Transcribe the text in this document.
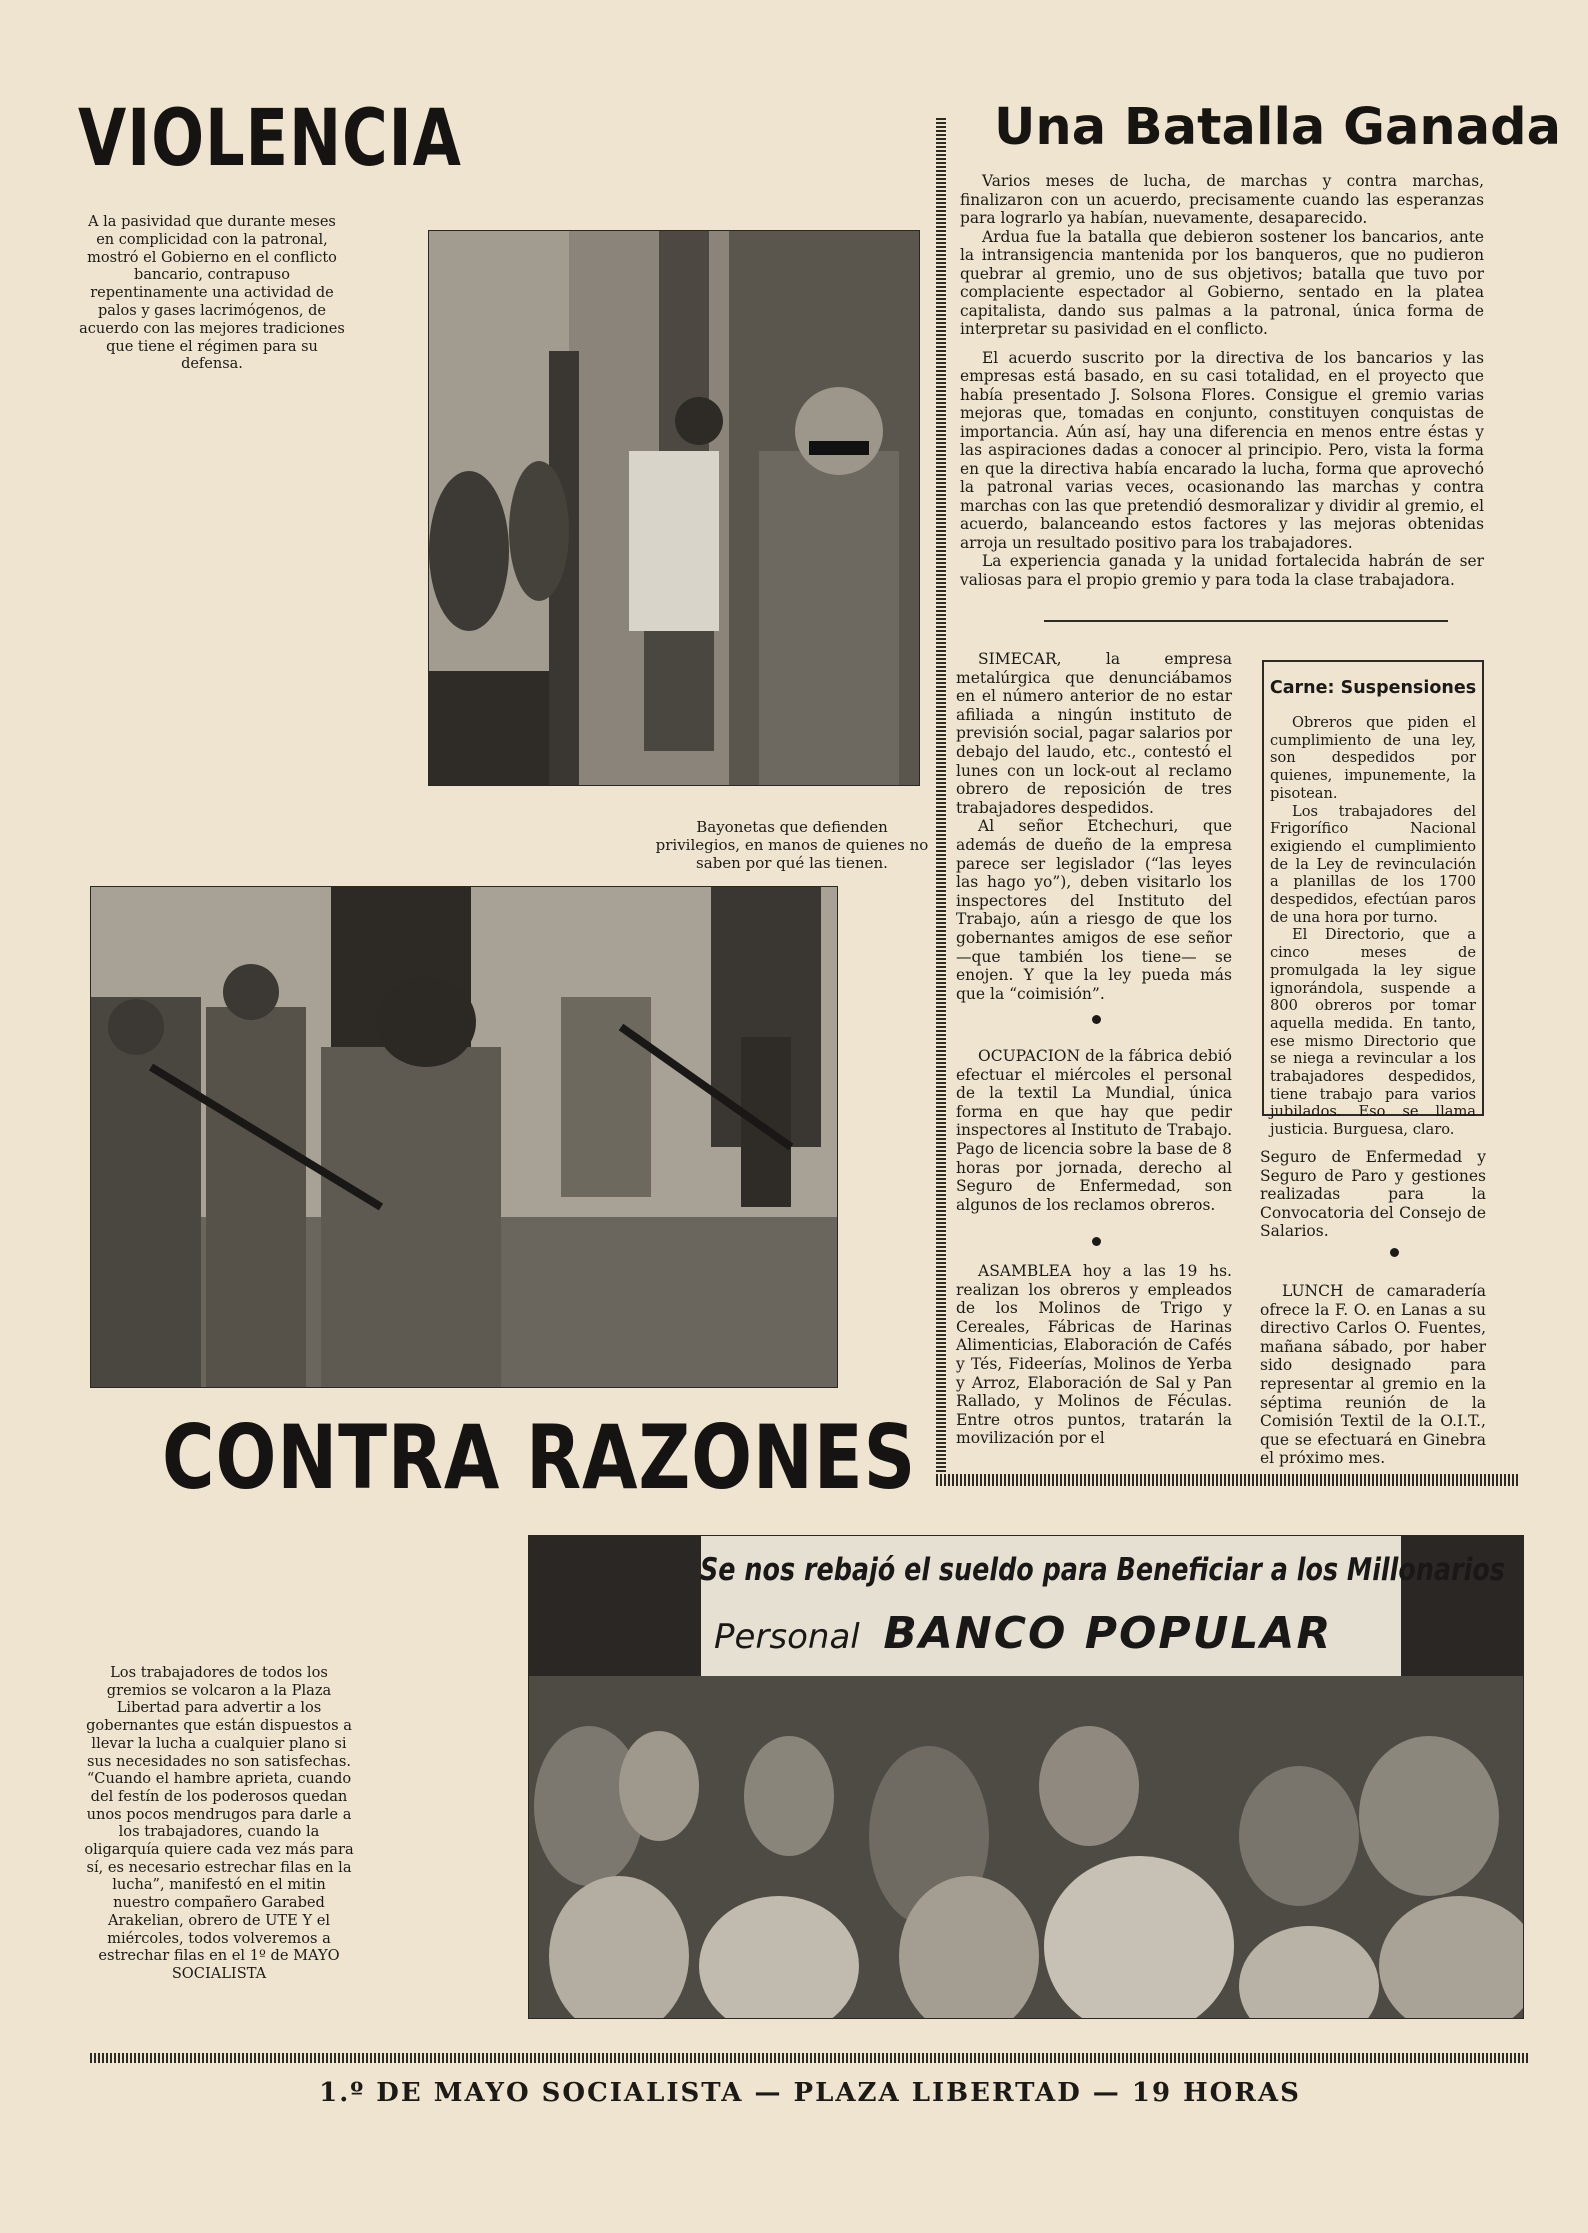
VIOLENCIA
A la pasividad que durante meses en complicidad con la patronal, mostró el Gobierno en el conflicto bancario, contrapuso repentinamente una actividad de palos y gases lacrimógenos, de acuerdo con las mejores tradiciones que tiene el régimen para su defensa.
Bayonetas que defienden privilegios, en manos de quienes no saben por qué las tienen.
CONTRA RAZONES
Una Batalla Ganada

Varios meses de lucha, de marchas y contra marchas, finalizaron con un acuerdo, precisamente cuando las esperanzas para lograrlo ya habían, nuevamente, desaparecido.

Ardua fue la batalla que debieron sostener los bancarios, ante la intransigencia mantenida por los banqueros, que no pudieron quebrar al gremio, uno de sus objetivos; batalla que tuvo por complaciente espectador al Gobierno, sentado en la platea capitalista, dando sus palmas a la patronal, única forma de interpretar su pasividad en el conflicto.

El acuerdo suscrito por la directiva de los bancarios y las empresas está basado, en su casi totalidad, en el proyecto que había presentado J. Solsona Flores. Consigue el gremio varias mejoras que, tomadas en conjunto, constituyen conquistas de importancia. Aún así, hay una diferencia en menos entre éstas y las aspiraciones dadas a conocer al principio. Pero, vista la forma en que la directiva había encarado la lucha, forma que aprovechó la patronal varias veces, ocasionando las marchas y contra marchas con las que pretendió desmoralizar y dividir al gremio, el acuerdo, balanceando estos factores y las mejoras obtenidas arroja un resultado positivo para los trabajadores.

La experiencia ganada y la unidad fortalecida habrán de ser valiosas para el propio gremio y para toda la clase trabajadora.

SIMECAR, la empresa metalúrgica que denunciábamos en el número anterior de no estar afiliada a ningún instituto de previsión social, pagar salarios por debajo del laudo, etc., contestó el lunes con un lock-out al reclamo obrero de reposición de tres trabajadores despedidos.

Al señor Etchechuri, que además de dueño de la empresa parece ser legislador (“las leyes las hago yo”), deben visitarlo los inspectores del Instituto del Trabajo, aún a riesgo de que los gobernantes amigos de ese señor —que también los tiene— se enojen. Y que la ley pueda más que la “coimisión”.

OCUPACION de la fábrica debió efectuar el miércoles el personal de la textil La Mundial, única forma en que hay que pedir inspectores al Instituto de Trabajo. Pago de licencia sobre la base de 8 horas por jornada, derecho al Seguro de Enfermedad, son algunos de los reclamos obreros.

ASAMBLEA hoy a las 19 hs. realizan los obreros y empleados de los Molinos de Trigo y Cereales, Fábricas de Harinas Alimenticias, Elaboración de Cafés y Tés, Fideerías, Molinos de Yerba y Arroz, Elaboración de Sal y Pan Rallado, y Molinos de Féculas. Entre otros puntos, tratarán la movilización por el

Carne: Suspensiones

Obreros que piden el cumplimiento de una ley, son despedidos por quienes, impunemente, la pisotean.

Los trabajadores del Frigorífico Nacional exigiendo el cumplimiento de la Ley de revinculación a planillas de los 1700 despedidos, efectúan paros de una hora por turno.

El Directorio, que a cinco meses de promulgada la ley sigue ignorándola, suspende a 800 obreros por tomar aquella medida. En tanto, ese mismo Directorio que se niega a revincular a los trabajadores despedidos, tiene trabajo para varios jubilados. Eso se llama justicia. Burguesa, claro.

Seguro de Enfermedad y Seguro de Paro y gestiones realizadas para la Convocatoria del Consejo de Salarios.

LUNCH de camaradería ofrece la F. O. en Lanas a su directivo Carlos O. Fuentes, mañana sábado, por haber sido designado para representar al gremio en la séptima reunión de la Comisión Textil de la O.I.T., que se efectuará en Ginebra el próximo mes.

Los trabajadores de todos los gremios se volcaron a la Plaza Libertad para advertir a los gobernantes que están dispuestos a llevar la lucha a cualquier plano si sus necesidades no son satisfechas. “Cuando el hambre aprieta, cuando del festín de los poderosos quedan unos pocos mendrugos para darle a los trabajadores, cuando la oligarquía quiere cada vez más para sí, es necesario estrechar filas en la lucha”, manifestó en el mitin nuestro compañero Garabed Arakelian, obrero de UTE Y el miércoles, todos volveremos a estrechar filas en el 1º de MAYO SOCIALISTA
Se nos rebajó el sueldo para Beneficiar a los Millonarios
Personal BANCO POPULAR
1.º DE MAYO SOCIALISTA — PLAZA LIBERTAD — 19 HORAS
